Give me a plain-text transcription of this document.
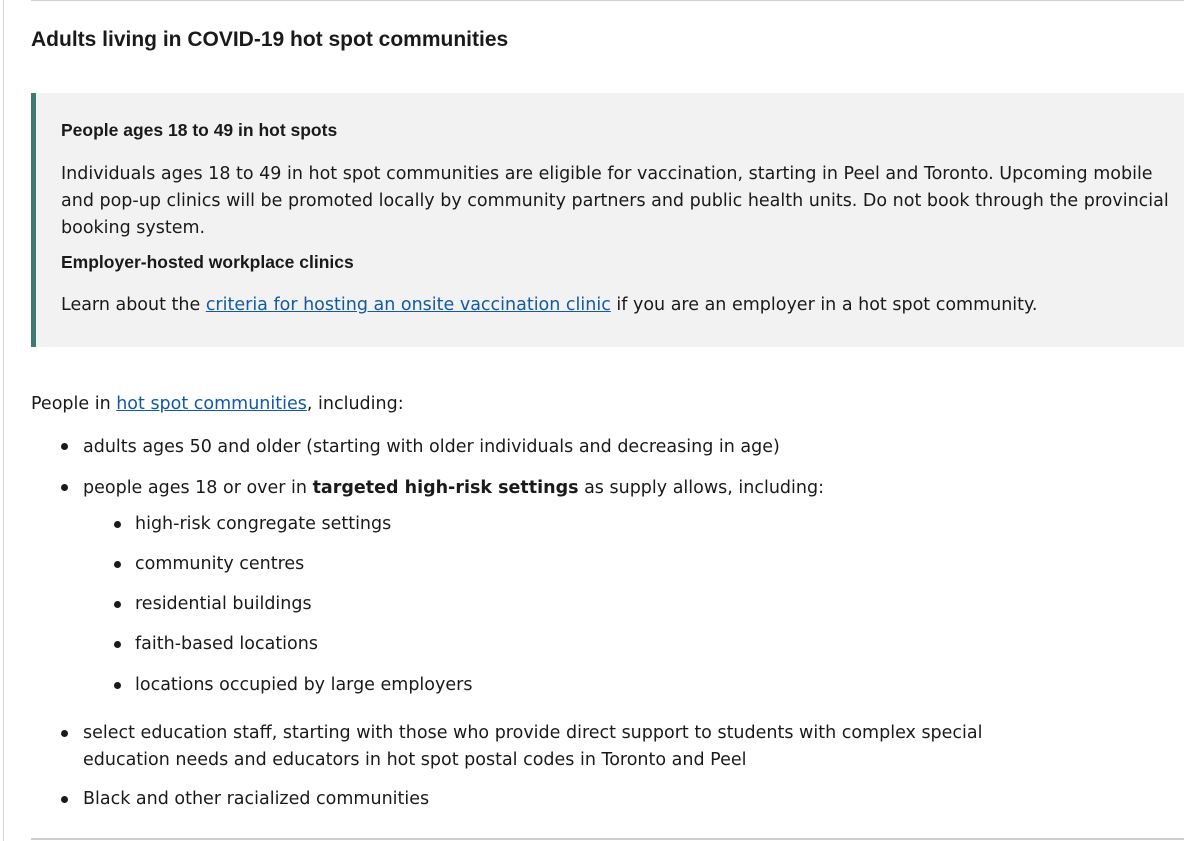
Adults living in COVID-19 hot spot communities
People ages 18 to 49 in hot spots

Individuals ages 18 to 49 in hot spot communities are eligible for vaccination, starting in Peel and Toronto. Upcoming mobile and pop-up clinics will be promoted locally by community partners and public health units. Do not book through the provincial booking system.

Employer-hosted workplace clinics

Learn about the criteria for hosting an onsite vaccination clinic if you are an employer in a hot spot community.

People in hot spot communities, including:

adults ages 50 and older (starting with older individuals and decreasing in age)

people ages 18 or over in targeted high-risk settings as supply allows, including:

high-risk congregate settings

community centres

residential buildings

faith-based locations

locations occupied by large employers

select education staff, starting with those who provide direct support to students with complex special

education needs and educators in hot spot postal codes in Toronto and Peel

Black and other racialized communities
